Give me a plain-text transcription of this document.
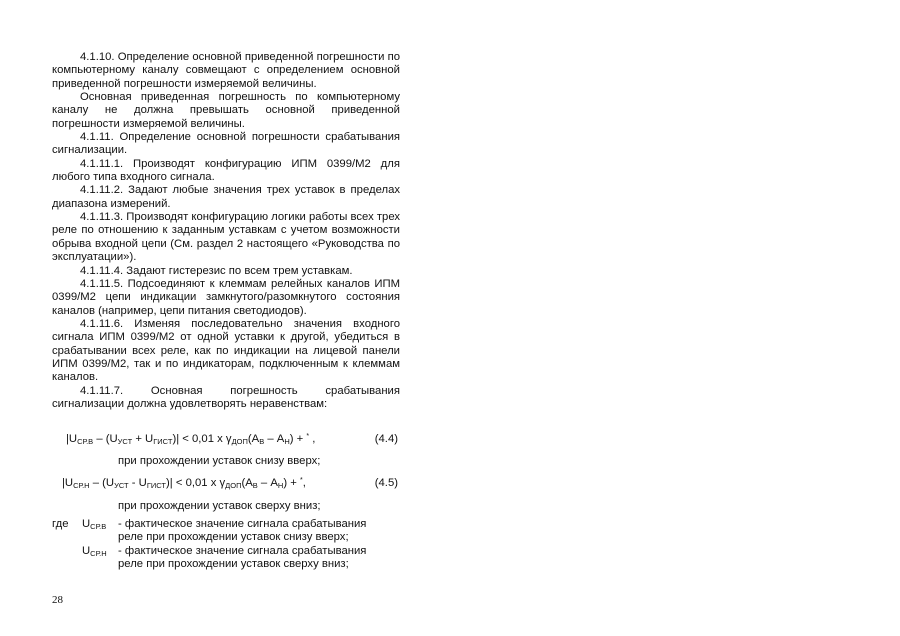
4.1.10. Определение основной приведенной погрешности по компьютерному каналу совмещают с определением основной приведенной погрешности измеряемой величины.
Основная приведенная погрешность по компьютерному каналу не должна превышать основной приведенной погрешности измеряемой величины.
4.1.11. Определение основной погрешности срабатывания сигнализации.
4.1.11.1. Производят конфигурацию ИПМ 0399/М2 для любого типа входного сигнала.
4.1.11.2. Задают любые значения трех уставок в пределах диапазона измерений.
4.1.11.3. Производят конфигурацию логики работы всех трех реле по отношению к заданным уставкам с учетом возможности обрыва входной цепи (См. раздел 2 настоящего «Руководства по эксплуатации»).
4.1.11.4. Задают гистерезис по всем трем уставкам.
4.1.11.5. Подсоединяют к клеммам релейных каналов ИПМ 0399/М2 цепи индикации замкнутого/разомкнутого состояния каналов (например, цепи питания светодиодов).
4.1.11.6. Изменяя последовательно значения входного сигнала ИПМ 0399/М2 от одной уставки к другой, убедиться в срабатывании всех реле, как по индикации на лицевой панели ИПМ 0399/М2, так и по индикаторам, подключенным к клеммам каналов.
4.1.11.7. Основная погрешность срабатывания сигнализации должна удовлетворять неравенствам:
$|U_{СР.В} - (U_{УСТ} + U_{ГИСТ})| < 0,01$ х $\gamma_{ДОП}(A_В - A_Н) + ^*$ ,	(4.4)
при прохождении уставок снизу вверх;
$|U_{СР.Н} - (U_{УСТ} - U_{ГИСТ})| < 0,01$ х $\gamma_{ДОП}(A_В - A_Н) + ^*$,	(4.5)
при прохождении уставок сверху вниз;
где $U_{СР.В}$ - фактическое значение сигнала срабатывания
реле при прохождении уставок снизу вверх;
$U_{СР.Н}$ - фактическое значение сигнала срабатывания
реле при прохождении уставок сверху вниз;
28
